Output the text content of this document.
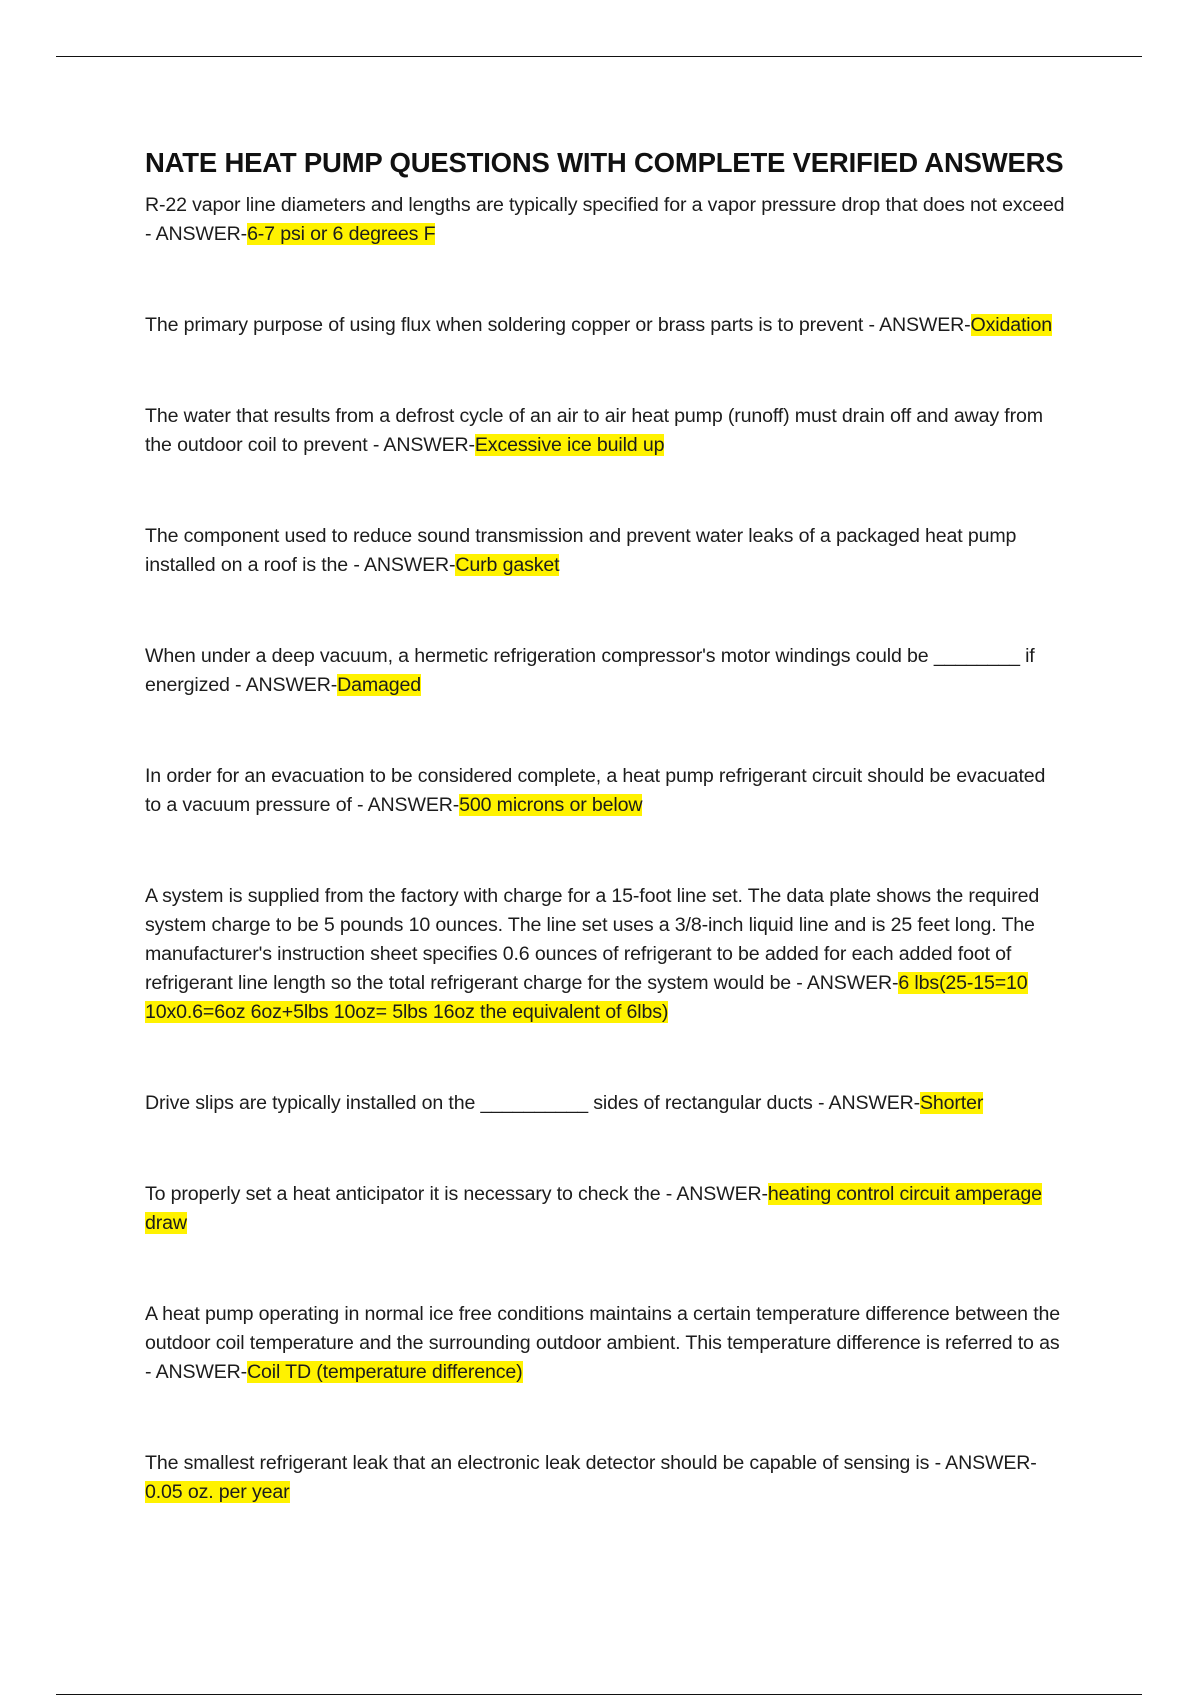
NATE HEAT PUMP QUESTIONS WITH COMPLETE VERIFIED ANSWERS

R-22 vapor line diameters and lengths are typically specified for a vapor pressure drop that does not exceed - ANSWER-6-7 psi or 6 degrees F

The primary purpose of using flux when soldering copper or brass parts is to prevent - ANSWER-Oxidation

The water that results from a defrost cycle of an air to air heat pump (runoff) must drain off and away from the outdoor coil to prevent - ANSWER-Excessive ice build up

The component used to reduce sound transmission and prevent water leaks of a packaged heat pump installed on a roof is the - ANSWER-Curb gasket

When under a deep vacuum, a hermetic refrigeration compressor's motor windings could be ________ if energized - ANSWER-Damaged

In order for an evacuation to be considered complete, a heat pump refrigerant circuit should be evacuated to a vacuum pressure of - ANSWER-500 microns or below

A system is supplied from the factory with charge for a 15-foot line set. The data plate shows the required system charge to be 5 pounds 10 ounces. The line set uses a 3/8-inch liquid line and is 25 feet long. The manufacturer's instruction sheet specifies 0.6 ounces of refrigerant to be added for each added foot of refrigerant line length so the total refrigerant charge for the system would be - ANSWER-6 lbs(25-15=10 10x0.6=6oz 6oz+5lbs 10oz= 5lbs 16oz the equivalent of 6lbs)

Drive slips are typically installed on the __________ sides of rectangular ducts - ANSWER-Shorter

To properly set a heat anticipator it is necessary to check the - ANSWER-heating control circuit amperage draw

A heat pump operating in normal ice free conditions maintains a certain temperature difference between the outdoor coil temperature and the surrounding outdoor ambient. This temperature difference is referred to as - ANSWER-Coil TD (temperature difference)

The smallest refrigerant leak that an electronic leak detector should be capable of sensing is - ANSWER-0.05 oz. per year
